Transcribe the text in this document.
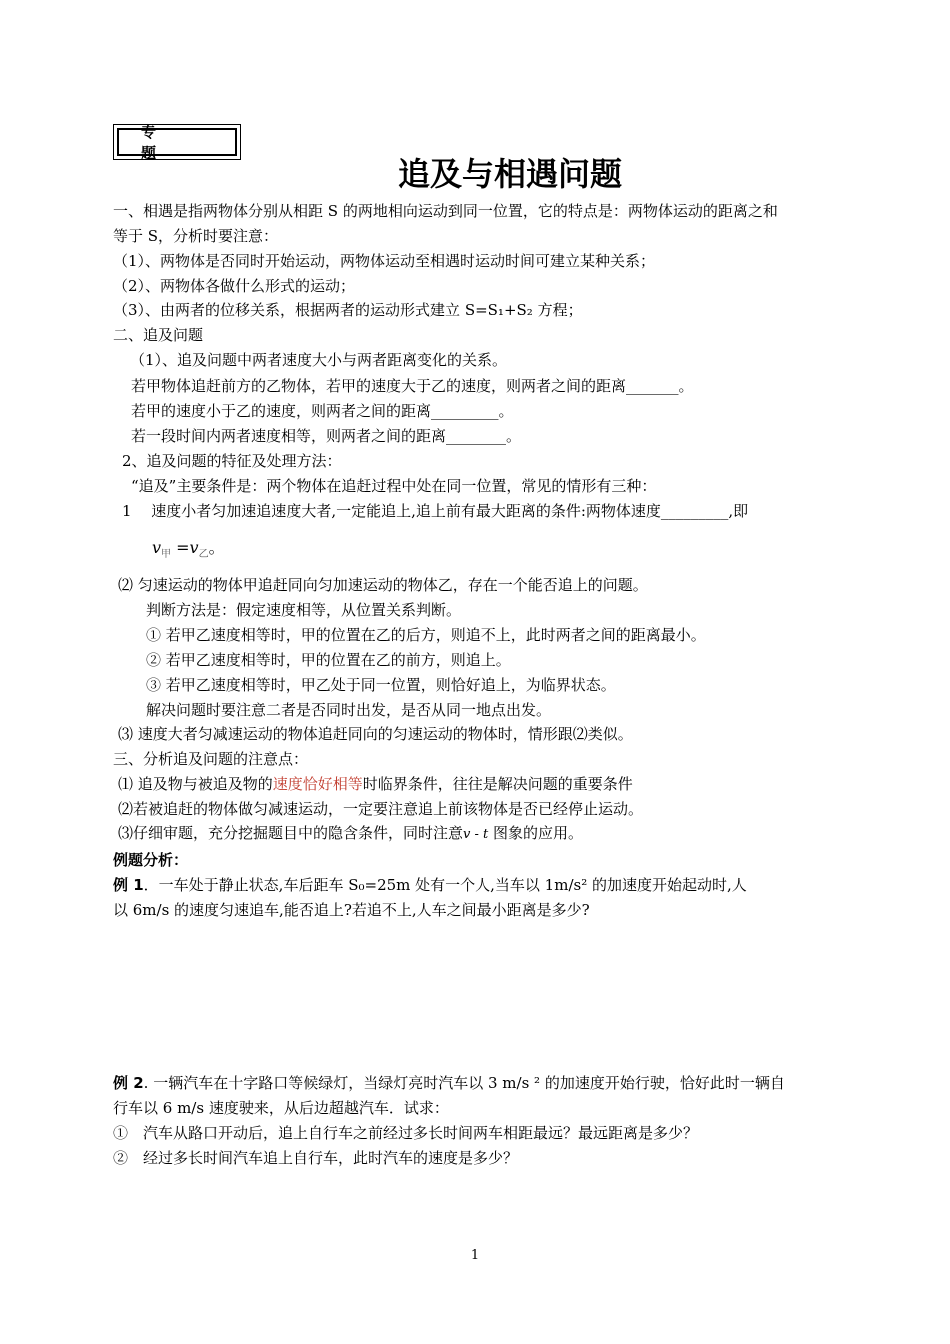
专 题
追及与相遇问题
一、相遇是指两物体分别从相距 S 的两地相向运动到同一位置，它的特点是：两物体运动的距离之和
等于 S，分析时要注意：
（1）、两物体是否同时开始运动，两物体运动至相遇时运动时间可建立某种关系；
（2）、两物体各做什么形式的运动；
（3）、由两者的位移关系，根据两者的运动形式建立 S=S₁+S₂ 方程；
二、追及问题
（1）、追及问题中两者速度大小与两者距离变化的关系。
若甲物体追赶前方的乙物体，若甲的速度大于乙的速度，则两者之间的距离_______。
若甲的速度小于乙的速度，则两者之间的距离_________。
若一段时间内两者速度相等，则两者之间的距离________。
2、追及问题的特征及处理方法：
“追及”主要条件是：两个物体在追赶过程中处在同一位置，常见的情形有三种：
1　 速度小者匀加速追速度大者,一定能追上,追上前有最大距离的条件:两物体速度_________,即
$v_甲 =v_乙$。
⑵ 匀速运动的物体甲追赶同向匀加速运动的物体乙，存在一个能否追上的问题。
判断方法是：假定速度相等，从位置关系判断。
① 若甲乙速度相等时，甲的位置在乙的后方，则追不上，此时两者之间的距离最小。
② 若甲乙速度相等时，甲的位置在乙的前方，则追上。
③ 若甲乙速度相等时，甲乙处于同一位置，则恰好追上，为临界状态。
解决问题时要注意二者是否同时出发，是否从同一地点出发。
⑶ 速度大者匀减速运动的物体追赶同向的匀速运动的物体时，情形跟⑵类似。
三、分析追及问题的注意点：
⑴ 追及物与被追及物的速度恰好相等时临界条件，往往是解决问题的重要条件
⑵若被追赶的物体做匀减速运动，一定要注意追上前该物体是否已经停止运动。
⑶仔细审题，充分挖掘题目中的隐含条件，同时注意v - t 图象的应用。
例题分析：
例 1．一车处于静止状态,车后距车 S₀=25m 处有一个人,当车以 1m/s² 的加速度开始起动时,人
以 6m/s 的速度匀速追车,能否追上?若追不上,人车之间最小距离是多少?
例 2. 一辆汽车在十字路口等候绿灯，当绿灯亮时汽车以 3 m/s ² 的加速度开始行驶，恰好此时一辆自
行车以 6 m/s 速度驶来，从后边超越汽车．试求：
①　汽车从路口开动后，追上自行车之前经过多长时间两车相距最远？最远距离是多少？
②　经过多长时间汽车追上自行车，此时汽车的速度是多少？
1
